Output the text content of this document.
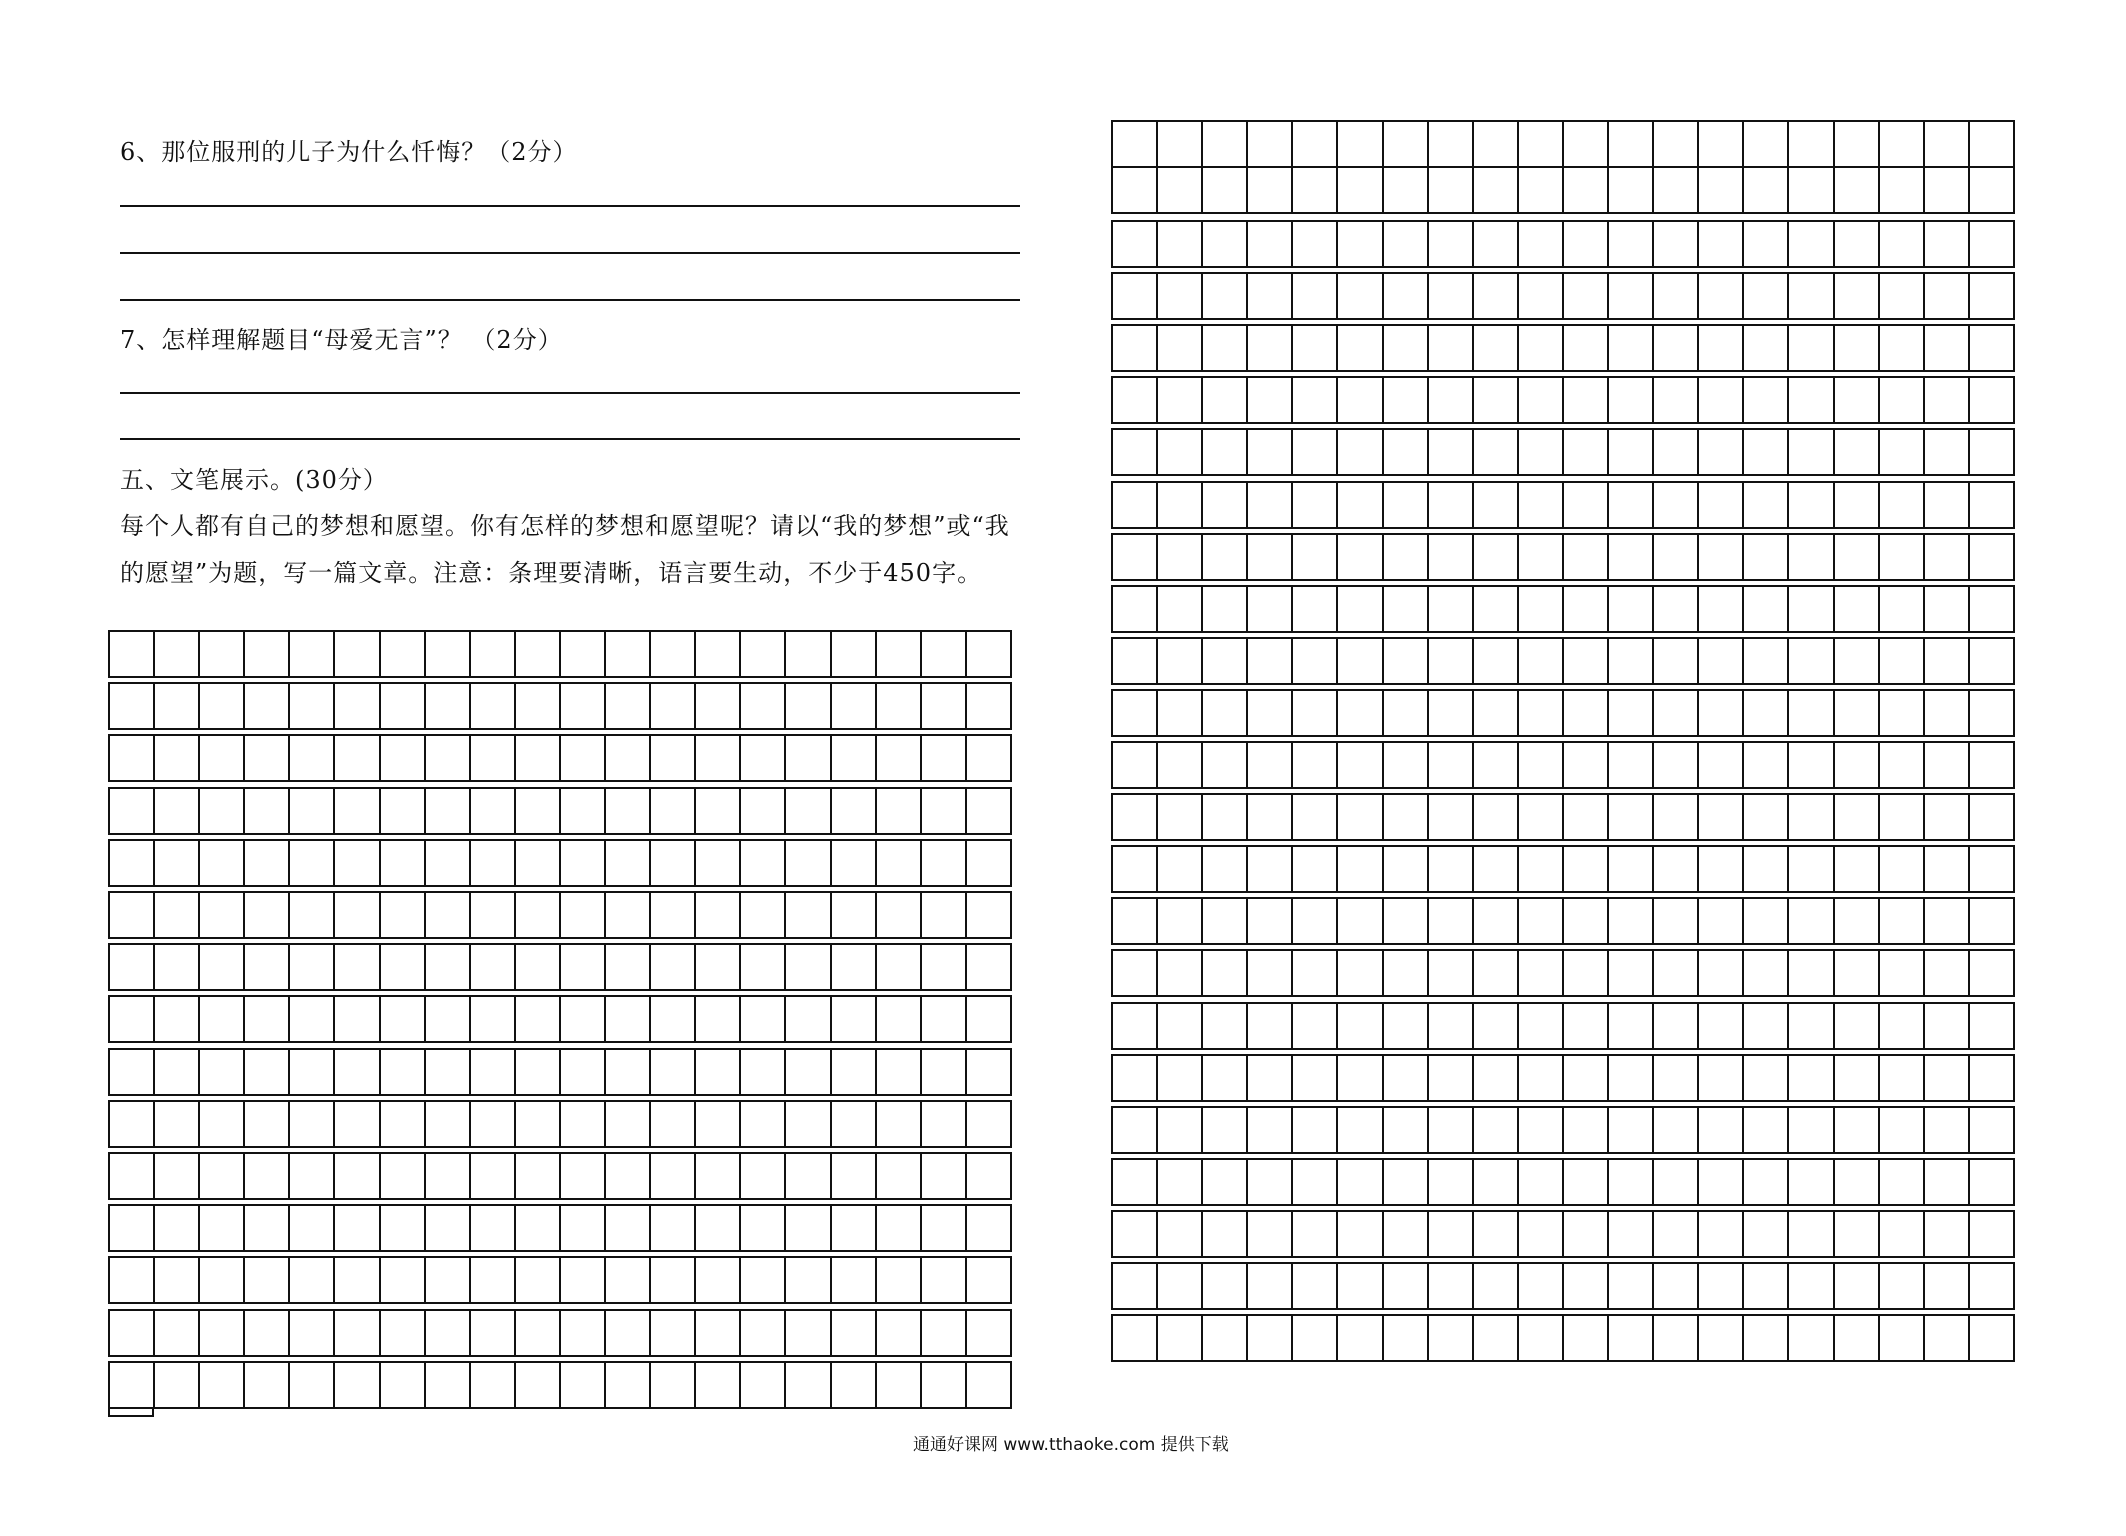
6、那位服刑的儿子为什么忏悔？（2分）
7、怎样理解题目“母爱无言”？ （2分）
五、文笔展示。(30分）
每个人都有自己的梦想和愿望。你有怎样的梦想和愿望呢？请以“我的梦想”或“我
的愿望”为题，写一篇文章。注意：条理要清晰，语言要生动，不少于450字。
通通好课网 www.tthaoke.com 提供下载
